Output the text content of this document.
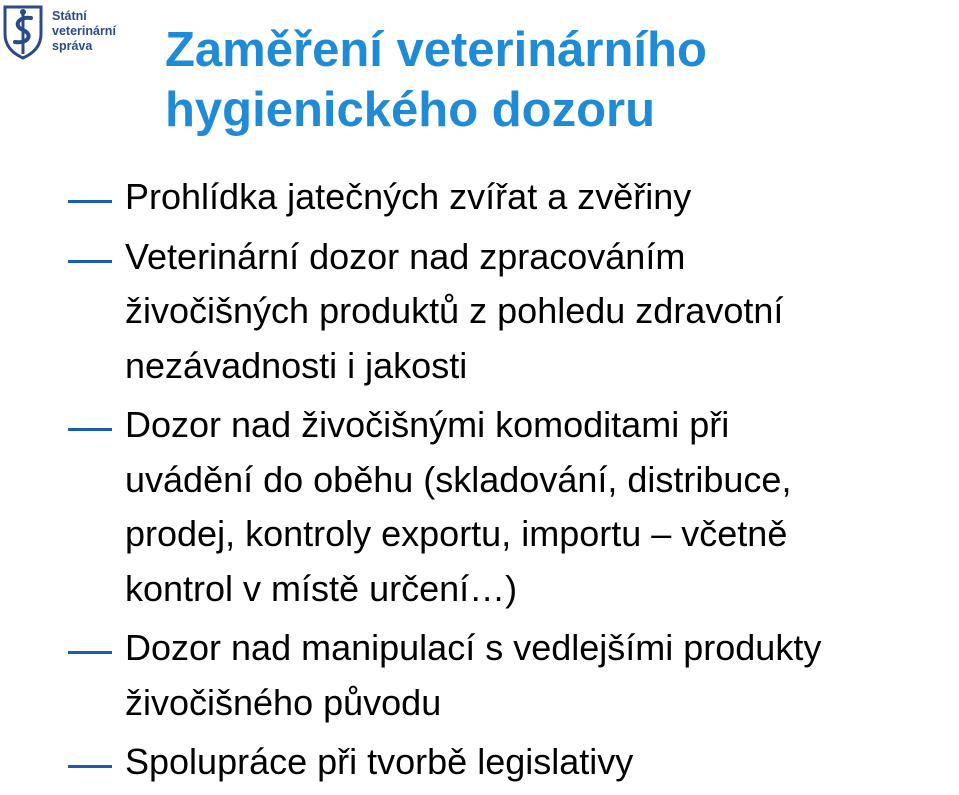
Státní
veterinární
správa	Zaměření veterinárního
hygienického dozoru
Prohlídka jatečných zvířat a zvěřiny
Veterinární dozor nad zpracováním
živočišných produktů z pohledu zdravotní
nezávadnosti i jakosti
Dozor nad živočišnými komoditami při
uvádění do oběhu (skladování, distribuce,
prodej, kontroly exportu, importu – včetně
kontrol v místě určení…)
Dozor nad manipulací s vedlejšími produkty
živočišného původu
Spolupráce při tvorbě legislativy
